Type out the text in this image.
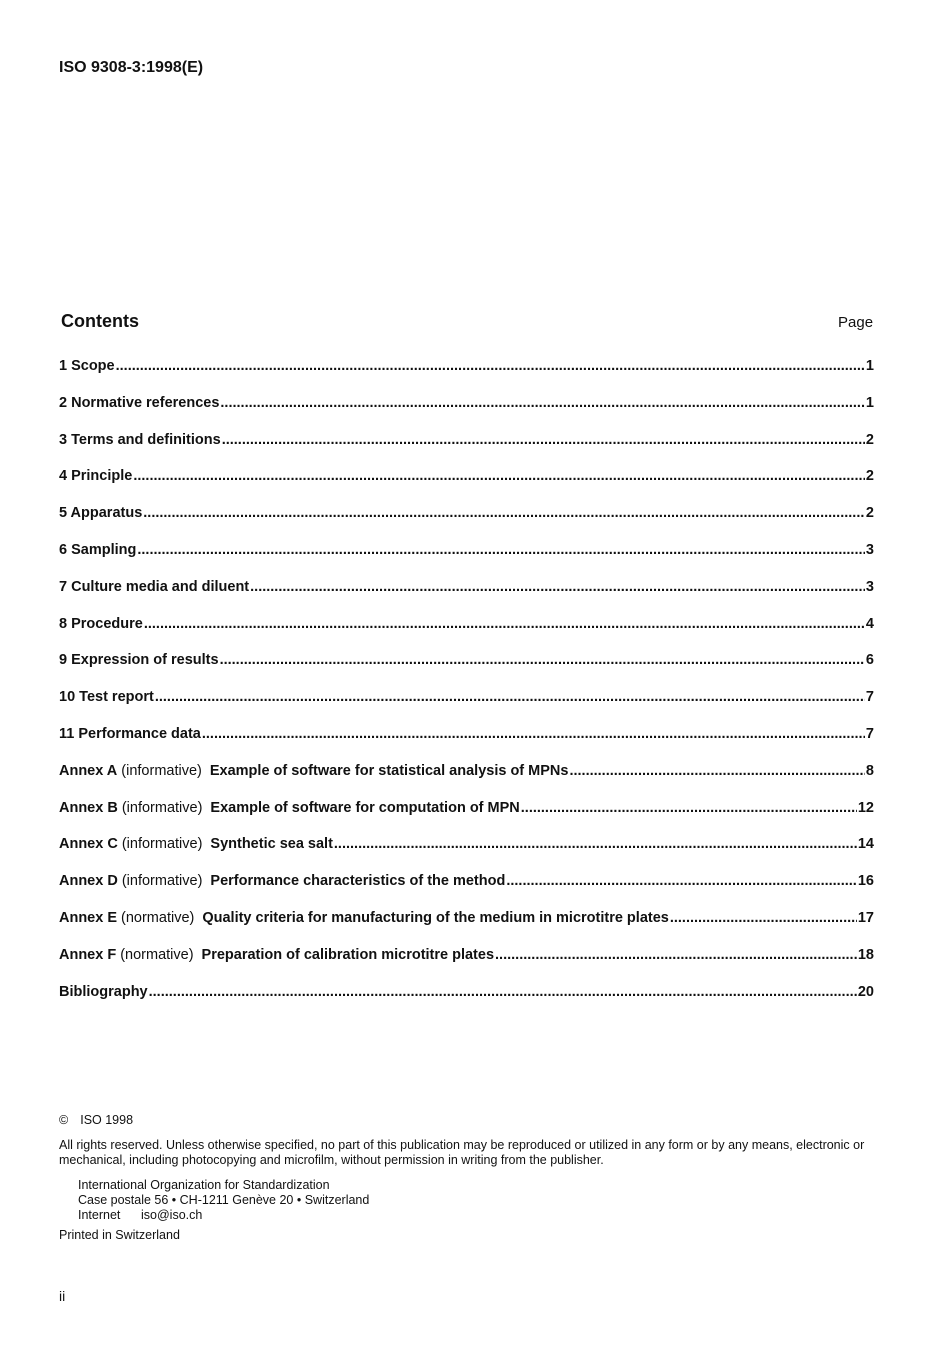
ISO 9308-3:1998(E)
Contents	Page
1 Scope .....	1
2 Normative references .....	1
3 Terms and definitions .....	2
4 Principle .....	2
5 Apparatus .....	2
6 Sampling .....	3
7 Culture media and diluent .....	3
8 Procedure .....	4
9 Expression of results .....	6
10 Test report .....	7
11 Performance data .....	7
Annex A (informative) Example of software for statistical analysis of MPNs .....	8
Annex B (informative) Example of software for computation of MPN .....	12
Annex C (informative) Synthetic sea salt .....	14
Annex D (informative) Performance characteristics of the method .....	16
Annex E (normative) Quality criteria for manufacturing of the medium in microtitre plates .....	17
Annex F (normative) Preparation of calibration microtitre plates .....	18
Bibliography .....	20
© ISO 1998
All rights reserved. Unless otherwise specified, no part of this publication may be reproduced or utilized in any form or by any means, electronic or mechanical, including photocopying and microfilm, without permission in writing from the publisher.
International Organization for Standardization
Case postale 56 • CH-1211 Genève 20 • Switzerland
Internet iso@iso.ch
Printed in Switzerland
ii
